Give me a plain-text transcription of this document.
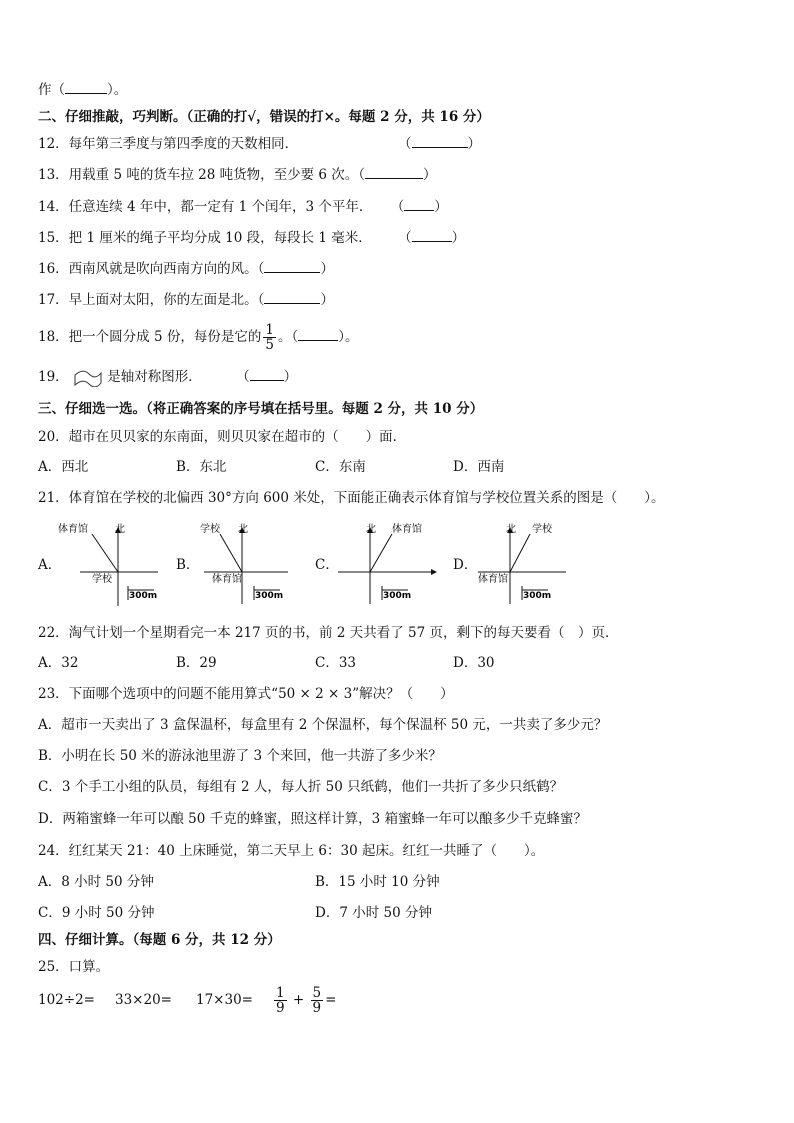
作（	）。
二、仔细推敲，巧判断。（正确的打√，错误的打×。每题 2 分，共 16 分）
12．每年第三季度与第四季度的天数相同．	（	）
13．用载重 5 吨的货车拉 28 吨货物，至少要 6 次。（	）
14．任意连续 4 年中，都一定有 1 个闰年，3 个平年． （ ）
15．把 1 厘米的绳子平均分成 10 段，每段长 1 毫米． （	）
16．西南风就是吹向西南方向的风。（	）
17．早上面对太阳，你的左面是北。（	）
18．把一个圆分成 5 份，每份是它的 $\frac{1}{5}$ 。（	）。
19．	是轴对称图形．	（	）
三、仔细选一选。（将正确答案的序号填在括号里。每题 2 分，共 10 分）
20．超市在贝贝家的东南面，则贝贝家在超市的（　　）面．
A．西北	B．东北	C．东南	D．西南
21．体育馆在学校的北偏西 30°方向 600 米处，下面能正确表示体育馆与学校位置关系的图是（　　）。
A．	B．	C．	D．
体育馆	北
学校
300m
学校 北
体育馆
300m
北 体育馆
300m
北 学校
体育馆
300m
22．淘气计划一个星期看完一本 217 页的书，前 2 天共看了 57 页，剩下的每天要看（　）页．
A．32	B．29	C．33	D．30
23．下面哪个选项中的问题不能用算式“50 × 2 × 3”解决？（　　）
A．超市一天卖出了 3 盒保温杯，每盒里有 2 个保温杯，每个保温杯 50 元，一共卖了多少元？
B．小明在长 50 米的游泳池里游了 3 个来回，他一共游了多少米？
C．3 个手工小组的队员，每组有 2 人，每人折 50 只纸鹤，他们一共折了多少只纸鹤？
D．两箱蜜蜂一年可以酿 50 千克的蜂蜜，照这样计算，3 箱蜜蜂一年可以酿多少千克蜂蜜？
24．红红某天 21：40 上床睡觉，第二天早上 6：30 起床。红红一共睡了（　　）。
A．8 小时 50 分钟	B．15 小时 10 分钟
C．9 小时 50 分钟	D．7 小时 50 分钟
四、仔细计算。（每题 6 分，共 12 分）
25．口算。
$102\div 2= 33\times 20= 17\times 30= \frac{1}{9} + \frac{5}{9}$ =
